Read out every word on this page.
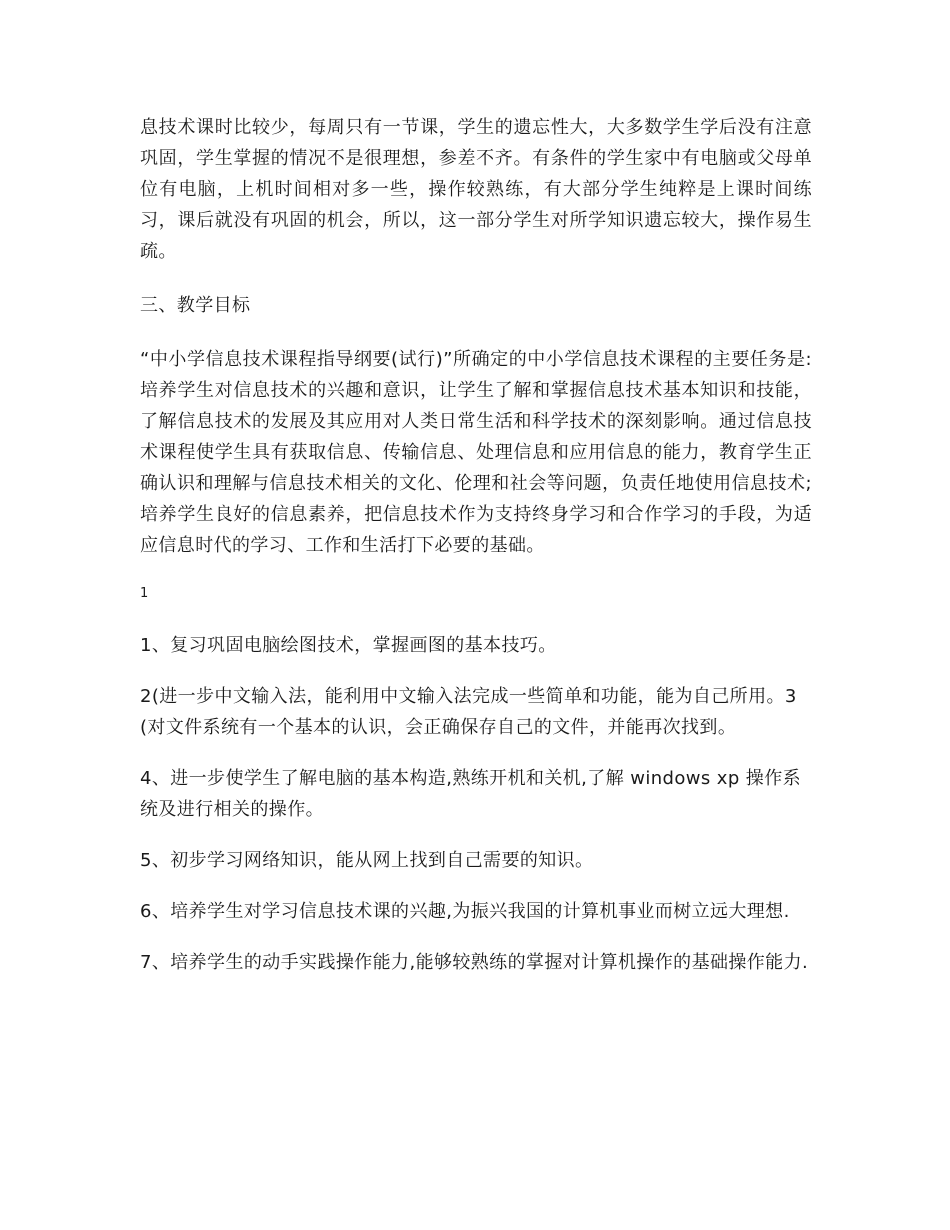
息技术课时比较少，每周只有一节课，学生的遗忘性大，大多数学生学后没有注意巩固，学生掌握的情况不是很理想，参差不齐。有条件的学生家中有电脑或父母单位有电脑，上机时间相对多一些，操作较熟练，有大部分学生纯粹是上课时间练习，课后就没有巩固的机会，所以，这一部分学生对所学知识遗忘较大，操作易生疏。

三、教学目标

“中小学信息技术课程指导纲要(试行)”所确定的中小学信息技术课程的主要任务是:培养学生对信息技术的兴趣和意识，让学生了解和掌握信息技术基本知识和技能，了解信息技术的发展及其应用对人类日常生活和科学技术的深刻影响。通过信息技术课程使学生具有获取信息、传输信息、处理信息和应用信息的能力，教育学生正确认识和理解与信息技术相关的文化、伦理和社会等问题，负责任地使用信息技术;培养学生良好的信息素养，把信息技术作为支持终身学习和合作学习的手段，为适应信息时代的学习、工作和生活打下必要的基础。

1

1、复习巩固电脑绘图技术，掌握画图的基本技巧。

2(进一步中文输入法，能利用中文输入法完成一些简单和功能，能为自己所用。3(对文件系统有一个基本的认识，会正确保存自己的文件，并能再次找到。

4、进一步使学生了解电脑的基本构造,熟练开机和关机,了解 windows xp 操作系统及进行相关的操作。

5、初步学习网络知识，能从网上找到自己需要的知识。

6、培养学生对学习信息技术课的兴趣,为振兴我国的计算机事业而树立远大理想.

7、培养学生的动手实践操作能力,能够较熟练的掌握对计算机操作的基础操作能力.
